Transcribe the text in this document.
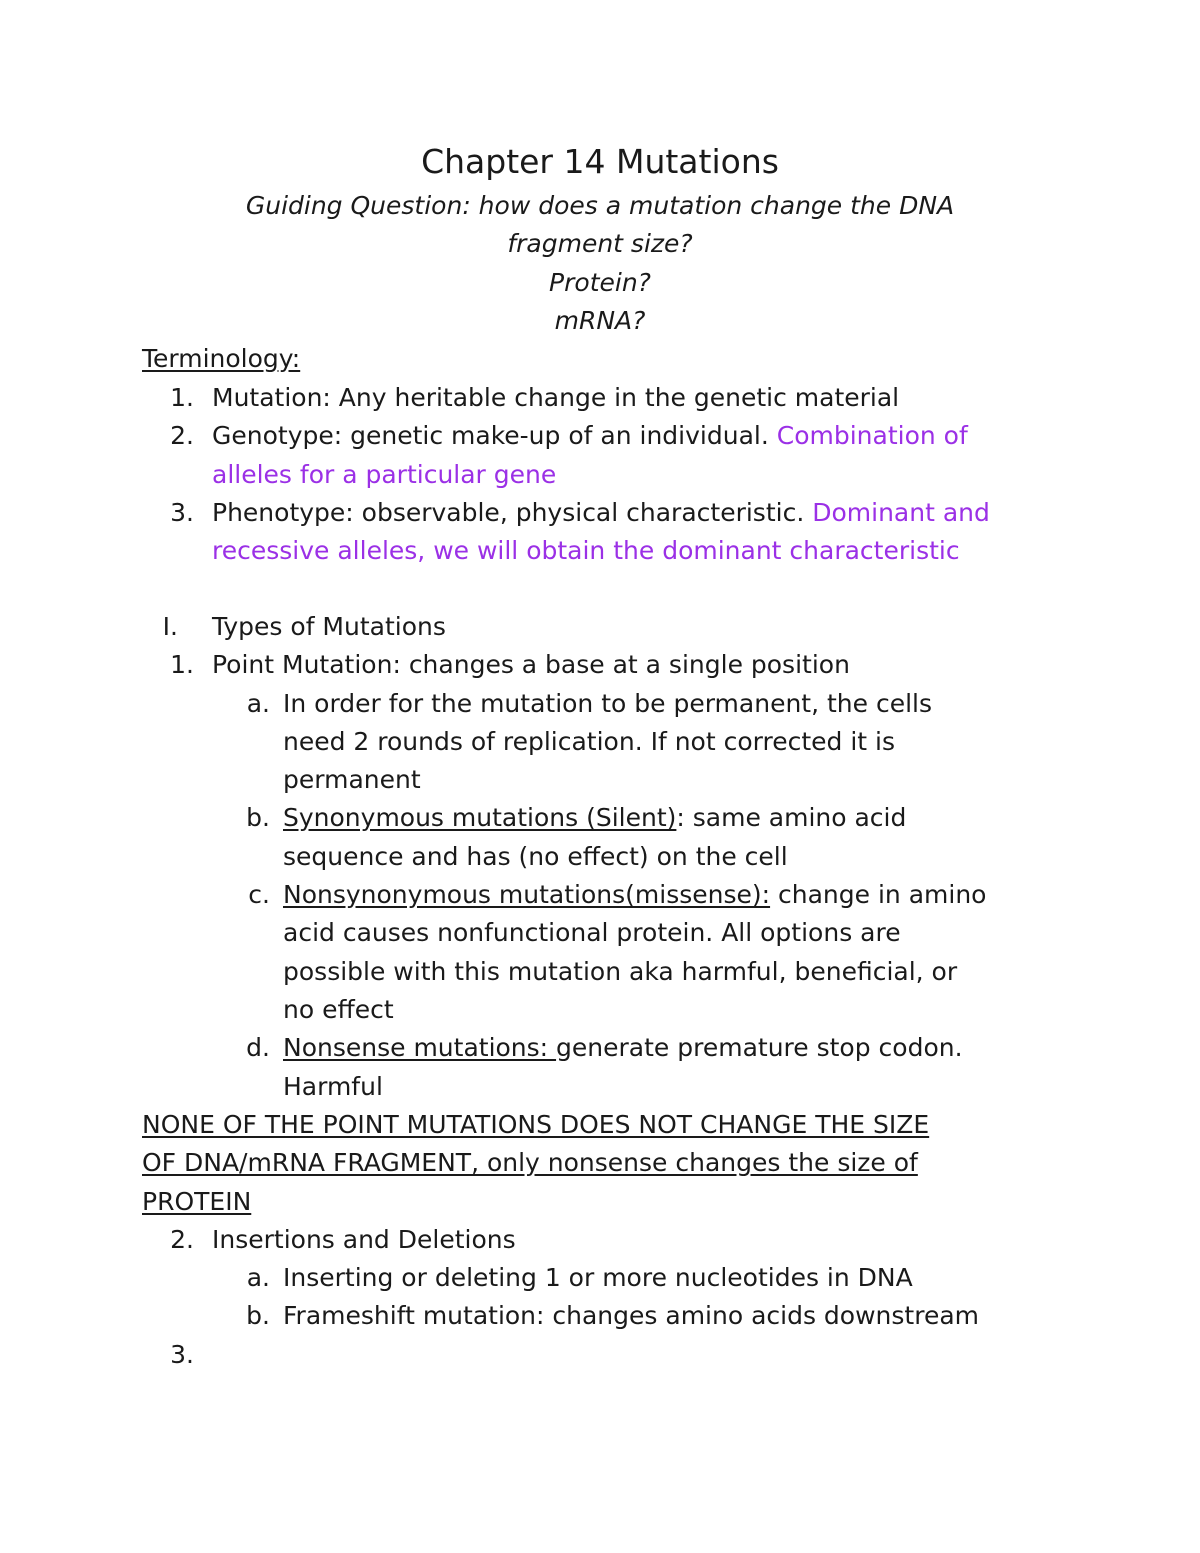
Chapter 14 Mutations
Guiding Question: how does a mutation change the DNA
fragment size?
Protein?
mRNA?
Terminology:
1. Mutation: Any heritable change in the genetic material
2. Genotype: genetic make-up of an individual. Combination of
alleles for a particular gene
3. Phenotype: observable, physical characteristic. Dominant and
recessive alleles, we will obtain the dominant characteristic
I. Types of Mutations
1. Point Mutation: changes a base at a single position
a. In order for the mutation to be permanent, the cells
need 2 rounds of replication. If not corrected it is
permanent
b. Synonymous mutations (Silent): same amino acid
sequence and has (no effect) on the cell
c. Nonsynonymous mutations(missense): change in amino
acid causes nonfunctional protein. All options are
possible with this mutation aka harmful, beneficial, or
no effect
d. Nonsense mutations: generate premature stop codon.
Harmful
NONE OF THE POINT MUTATIONS DOES NOT CHANGE THE SIZE
OF DNA/mRNA FRAGMENT, only nonsense changes the size of
PROTEIN
2. Insertions and Deletions
a. Inserting or deleting 1 or more nucleotides in DNA
b. Frameshift mutation: changes amino acids downstream
3.
